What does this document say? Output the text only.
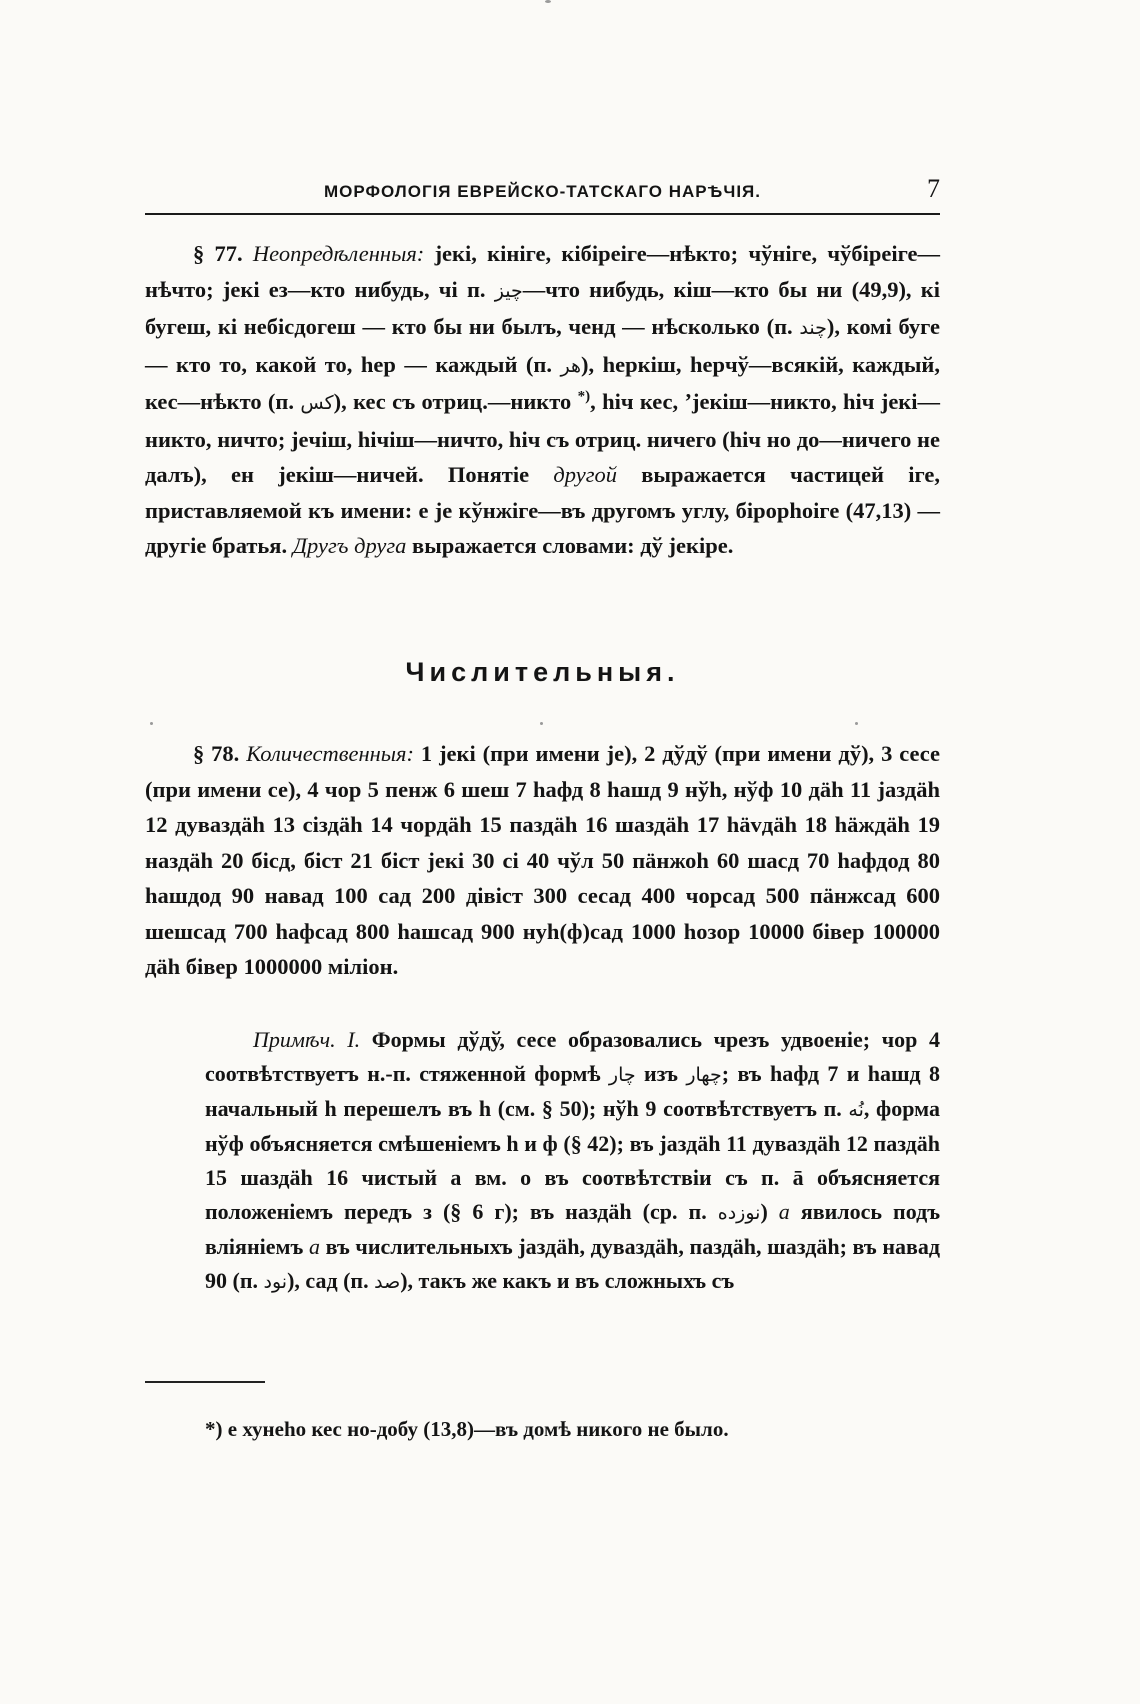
МОРФОЛОГІЯ ЕВРЕЙСКО-ТАТСКАГО НАРѢЧІЯ.	7

§ 77. Неопредѣленныя: jeкi, кiнiге, кiбiреiге—нѣкто; чўнiге, чўбiреiге—нѣчто; jeкi ез—кто нибудь, чi п. چيز—что нибудь, кiш—кто бы ни (49,9), кi бугеш, кi небiсдогеш — кто бы ни былъ, ченд — нѣсколько (п. چند), комi буге — кто то, какой то, hep — каждый (п. هر), hepкiш, hepчў—всякiй, каждый, кес—нѣкто (п. كس), кес съ отриц.—никто *), hiч кес, ʼjeкiш—никто, hiч jeкi—никто, ничто; jeчiш, hiчiш—ничто, hiч съ отриц. ничего (hiч но до—ничего не далъ), ен jeкiш—ничей. Понятiе другой выражается частицей iге, приставляемой къ имени: е je кўнжiге—въ другомъ углу, бiрорhoiге (47,13) — другiе братья. Другъ друга выражается словами: дў jeкiре.

Числительныя.

§ 78. Количественныя: 1 jeкi (при имени je), 2 дўдў (при имени дў), 3 сесе (при имени се), 4 чор 5 пенж 6 шеш 7 haфд 8 hашд 9 нўh, нўф 10 дäh 11 jаздäh 12 дуваздäh 13 сiздäh 14 чордäh 15 паздäh 16 шаздäh 17 hävдäh 18 häждäh 19 наздäh 20 бiсд, бiст 21 бiст jeкi 30 сi 40 чўл 50 пäнжоh 60 шасд 70 haфдод 80 hашдод 90 навад 100 сад 200 дiвiст 300 сесад 400 чорсад 500 пäнжсад 600 шешсад 700 haфсад 800 hашсад 900 нуh(ф)сад 1000 hозор 10000 бiвер 100000 дäh бiвер 1000000 мiлiон.

Примѣч. I. Формы дўдў, сесе образовались чрезъ удвоенiе; чор 4 соотвѣтствуетъ н.-п. стяженной формѣ چار изъ چهار; въ haфд 7 и hашд 8 начальный h перешелъ въ h (см. § 50); нўh 9 соотвѣтствуетъ п. نُه, форма нўф объясняется смѣшенiемъ h и ф (§ 42); въ jаздäh 11 дуваздäh 12 паздäh 15 шаздäh 16 чистый а вм. о въ соотвѣтствiи съ п. ā объясняется положенiемъ передъ з (§ 6 г); въ наздäh (ср. п. نوزده) а явилось подъ влiянiемъ а въ числительныхъ jаздäh, дуваздäh, паздäh, шаздäh; въ навад 90 (п. نود), сад (п. صد), такъ же какъ и въ сложныхъ съ

*) е хунеhо кес но-добу (13,8)—въ домѣ никого не было.
